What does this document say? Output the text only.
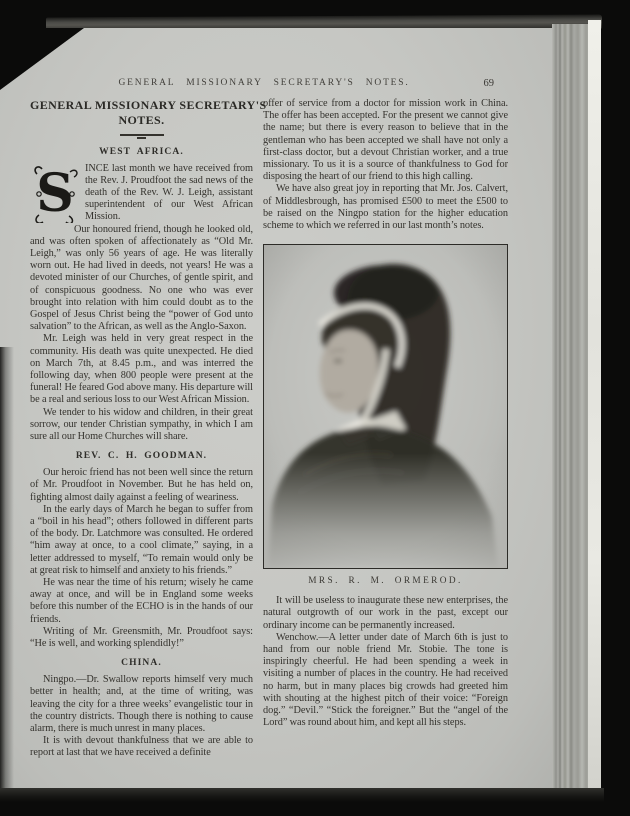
GENERAL MISSIONARY SECRETARY'S NOTES.	69
GENERAL MISSIONARY SECRETARY'S
NOTES.
WEST AFRICA.

S INCE last month we have received from the Rev. J. Proudfoot the sad news of the death of the Rev. W. J. Leigh, assistant superintendent of our West African Mission.

Our honoured friend, though he looked old, and was often spoken of affectionately as “Old Mr. Leigh,” was only 56 years of age. He was literally worn out. He had lived in deeds, not years! He was a devoted minister of our Churches, of gentle spirit, and of conspicuous goodness. No one who was ever brought into relation with him could doubt as to the Gospel of Jesus Christ being the “power of God unto salvation” to the African, as well as the Anglo-Saxon.

Mr. Leigh was held in very great respect in the community. His death was quite unexpected. He died on March 7th, at 8.45 p.m., and was interred the following day, when 800 people were present at the funeral! He feared God above many. His departure will be a real and serious loss to our West African Mission.

We tender to his widow and children, in their great sorrow, our tender Christian sympathy, in which I am sure all our Home Churches will share.

REV. C. H. GOODMAN.

Our heroic friend has not been well since the return of Mr. Proudfoot in November. But he has held on, fighting almost daily against a feeling of weariness.

In the early days of March he began to suffer from a “boil in his head”; others followed in different parts of the body. Dr. Latchmore was consulted. He ordered “him away at once, to a cool climate,” saying, in a letter addressed to myself, “To remain would only be at great risk to himself and anxiety to his friends.”

He was near the time of his return; wisely he came away at once, and will be in England some weeks before this number of the ECHO is in the hands of our friends.

Writing of Mr. Greensmith, Mr. Proudfoot says: “He is well, and working splendidly!”

CHINA.

Ningpo.—Dr. Swallow reports himself very much better in health; and, at the time of writing, was leaving the city for a three weeks’ evangelistic tour in the country districts. Though there is nothing to cause alarm, there is much unrest in many places.

It is with devout thankfulness that we are able to report at last that we have received a definite

offer of service from a doctor for mission work in China. The offer has been accepted. For the present we cannot give the name; but there is every reason to believe that in the gentleman who has been accepted we shall have not only a first-class doctor, but a devout Christian worker, and a true missionary. To us it is a source of thankfulness to God for disposing the heart of our friend to this high calling.

We have also great joy in reporting that Mr. Jos. Calvert, of Middlesbrough, has promised £500 to meet the £500 to be raised on the Ningpo station for the higher education scheme to which we referred in our last month’s notes.

MRS. R. M. ORMEROD.

It will be useless to inaugurate these new enterprises, the natural outgrowth of our work in the past, except our ordinary income can be permanently increased.

Wenchow.—A letter under date of March 6th is just to hand from our noble friend Mr. Stobie. The tone is inspiringly cheerful. He had been spending a week in visiting a number of places in the country. He had received no harm, but in many places big crowds had greeted him with shouting at the highest pitch of their voice: “Foreign dog.” “Devil.” “Stick the foreigner.” But the “angel of the Lord” was round about him, and kept all his steps.
